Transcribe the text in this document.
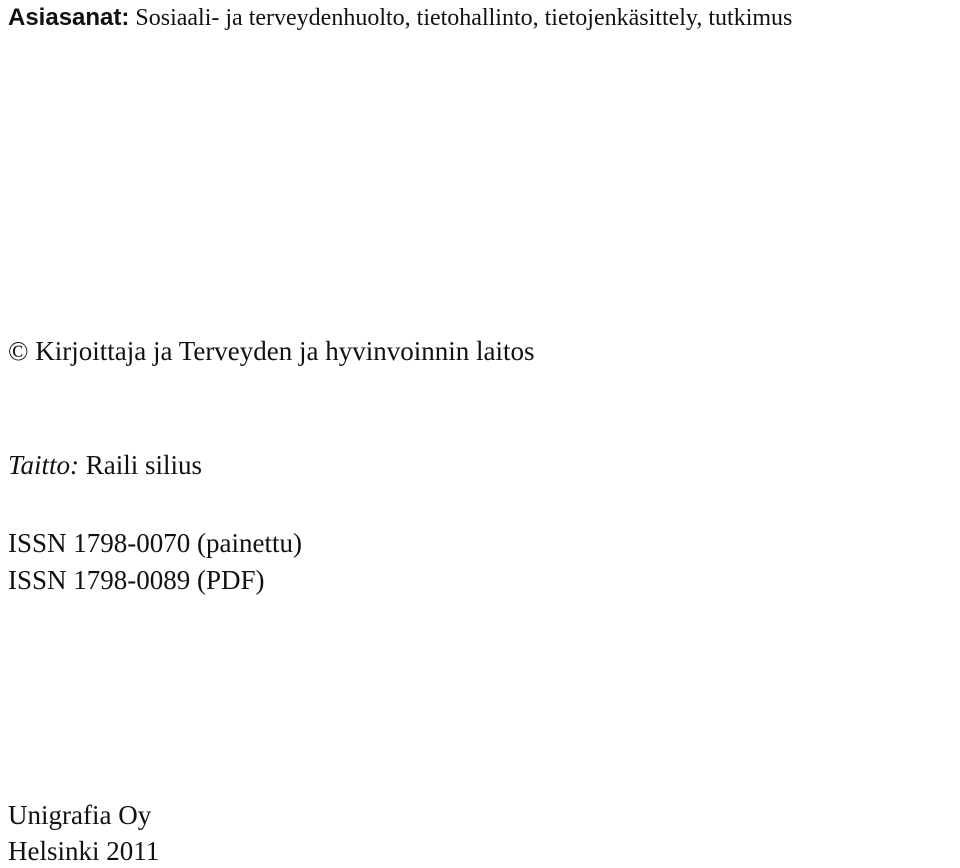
Asiasanat: Sosiaali- ja terveydenhuolto, tietohallinto, tietojenkäsittely, tutkimus
© Kirjoittaja ja Terveyden ja hyvinvoinnin laitos
Taitto: Raili silius
ISSN 1798-0070 (painettu)
ISSN 1798-0089 (PDF)
Unigrafia Oy
Helsinki 2011
